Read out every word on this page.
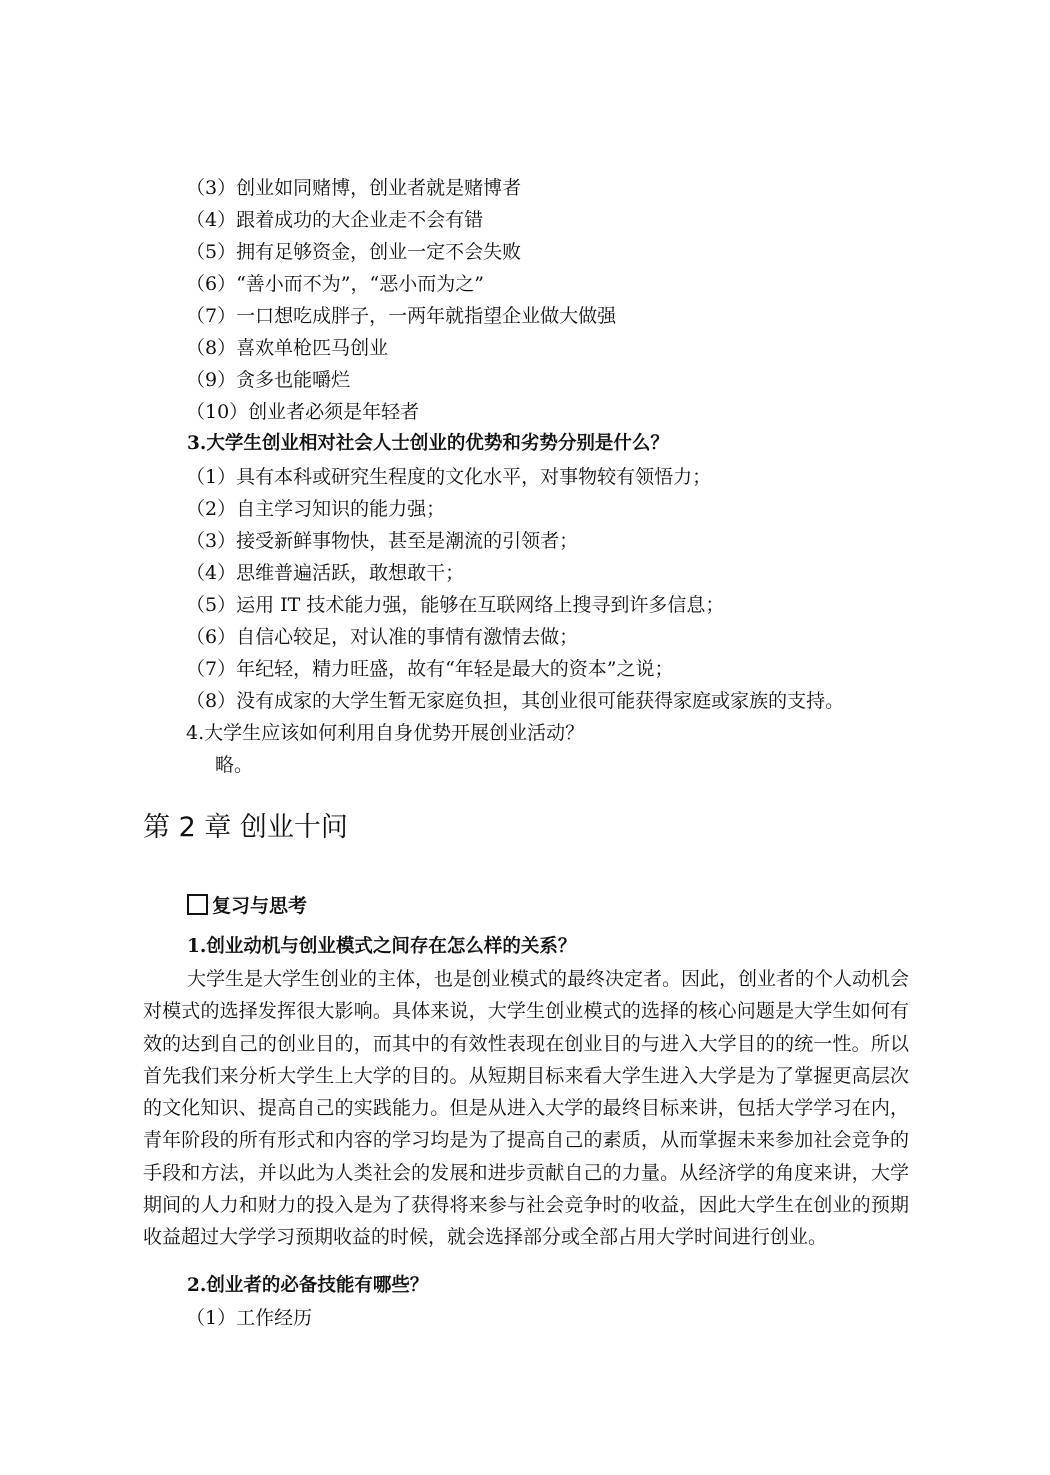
（3）创业如同赌博，创业者就是赌博者
（4）跟着成功的大企业走不会有错
（5）拥有足够资金，创业一定不会失败
（6）“善小而不为”，“恶小而为之”
（7）一口想吃成胖子，一两年就指望企业做大做强
（8）喜欢单枪匹马创业
（9）贪多也能嚼烂
（10）创业者必须是年轻者
3.大学生创业相对社会人士创业的优势和劣势分别是什么？
（1）具有本科或研究生程度的文化水平，对事物较有领悟力；
（2）自主学习知识的能力强；
（3）接受新鲜事物快，甚至是潮流的引领者；
（4）思维普遍活跃，敢想敢干；
（5）运用 IT 技术能力强，能够在互联网络上搜寻到许多信息；
（6）自信心较足，对认准的事情有激情去做；
（7）年纪轻，精力旺盛，故有“年轻是最大的资本”之说；
（8）没有成家的大学生暂无家庭负担，其创业很可能获得家庭或家族的支持。
4.大学生应该如何利用自身优势开展创业活动？
略。
第 2 章 创业十问
复习与思考
1.创业动机与创业模式之间存在怎么样的关系？
大学生是大学生创业的主体，也是创业模式的最终决定者。因此，创业者的个人动机会对模式的选择发挥很大影响。具体来说，大学生创业模式的选择的核心问题是大学生如何有效的达到自己的创业目的，而其中的有效性表现在创业目的与进入大学目的的统一性。所以首先我们来分析大学生上大学的目的。从短期目标来看大学生进入大学是为了掌握更高层次的文化知识、提高自己的实践能力。但是从进入大学的最终目标来讲，包括大学学习在内，青年阶段的所有形式和内容的学习均是为了提高自己的素质，从而掌握未来参加社会竞争的手段和方法，并以此为人类社会的发展和进步贡献自己的力量。从经济学的角度来讲，大学期间的人力和财力的投入是为了获得将来参与社会竞争时的收益，因此大学生在创业的预期收益超过大学学习预期收益的时候，就会选择部分或全部占用大学时间进行创业。
2.创业者的必备技能有哪些？
（1）工作经历
